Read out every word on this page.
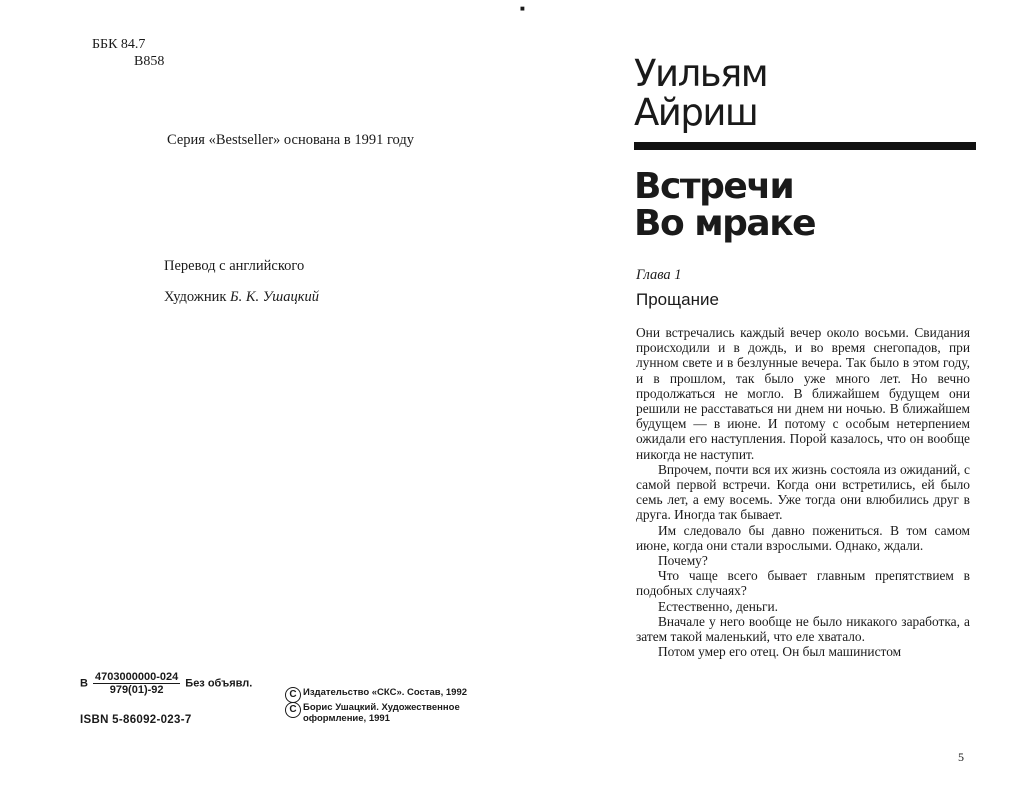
ББК 84.7
В858
Серия «Bestseller» основана в 1991 году
Перевод с английского
Художник Б. К. Ушацкий
В $\frac{4703000000-024}{979(01)-92}$ Без объявл.
ISBN 5-86092-023-7
С Издательство «СКС». Состав, 1992
С Борис Ушацкий. Художественное
оформление, 1991
■
Уильям
Айриш
Встречи
Во мраке
Глава 1
Прощание

Они встречались каждый вечер около восьми. Свидания происходили и в дождь, и во время снегопадов, при лунном свете и в безлунные вечера. Так было в этом году, и в прошлом, так было уже много лет. Но вечно продолжаться не могло. В ближайшем будущем они решили не расставаться ни днем ни ночью. В ближайшем будущем — в июне. И потому с особым нетерпением ожидали его наступления. Порой казалось, что он вообще никогда не наступит.

Впрочем, почти вся их жизнь состояла из ожиданий, с самой первой встречи. Когда они встретились, ей было семь лет, а ему восемь. Уже тогда они влюбились друг в друга. Иногда так бывает.

Им следовало бы давно пожениться. В том самом июне, когда они стали взрослыми. Однако, ждали.

Почему?

Что чаще всего бывает главным препятствием в подобных случаях?

Естественно, деньги.

Вначале у него вообще не было никакого заработка, а затем такой маленький, что еле хватало.

Потом умер его отец. Он был машинистом

5
